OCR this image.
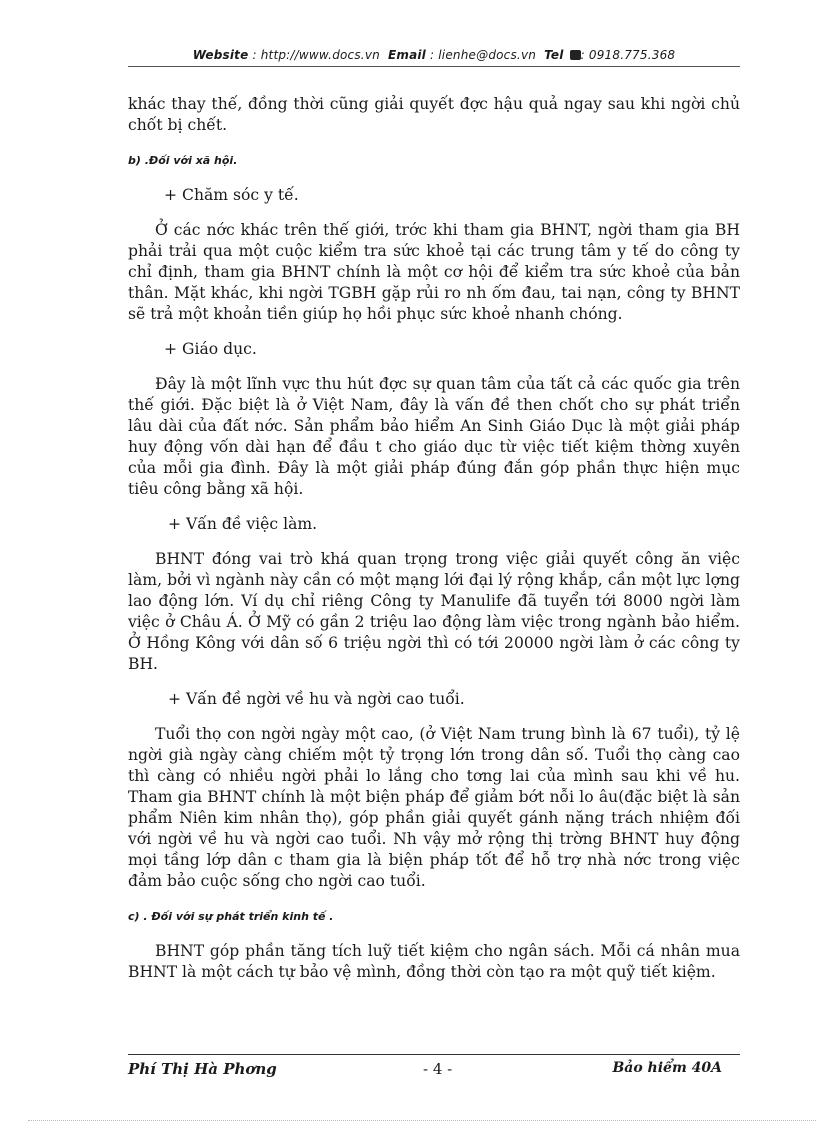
Website : http://www.docs.vn Email : lienhe@docs.vn Tel : 0918.775.368

khác thay thế, đồng thời cũng giải quyết đợc hậu quả ngay sau khi ngời chủ chốt bị chết.

b) .Đối với xã hội.

+ Chăm sóc y tế.

Ở các nớc khác trên thế giới, trớc khi tham gia BHNT, ngời tham gia BH phải trải qua một cuộc kiểm tra sức khoẻ tại các trung tâm y tế do công ty chỉ định, tham gia BHNT chính là một cơ hội để kiểm tra sức khoẻ của bản thân. Mặt khác, khi ngời TGBH gặp rủi ro nh ốm đau, tai nạn, công ty BHNT sẽ trả một khoản tiền giúp họ hồi phục sức khoẻ nhanh chóng.

+ Giáo dục.

Đây là một lĩnh vực thu hút đợc sự quan tâm của tất cả các quốc gia trên thế giới. Đặc biệt là ở Việt Nam, đây là vấn đề then chốt cho sự phát triển lâu dài của đất nớc. Sản phẩm bảo hiểm An Sinh Giáo Dục là một giải pháp huy động vốn dài hạn để đầu t cho giáo dục từ việc tiết kiệm thờng xuyên của mỗi gia đình. Đây là một giải pháp đúng đắn góp phần thực hiện mục tiêu công bằng xã hội.

+ Vấn đề việc làm.

BHNT đóng vai trò khá quan trọng trong việc giải quyết công ăn việc làm, bởi vì ngành này cần có một mạng lới đại lý rộng khắp, cần một lực lợng lao động lớn. Ví dụ chỉ riêng Công ty Manulife đã tuyển tới 8000 ngời làm việc ở Châu Á. Ở Mỹ có gần 2 triệu lao động làm việc trong ngành bảo hiểm. Ở Hồng Kông với dân số 6 triệu ngời thì có tới 20000 ngời làm ở các công ty BH.

+ Vấn đề ngời về hu và ngời cao tuổi.

Tuổi thọ con ngời ngày một cao, (ở Việt Nam trung bình là 67 tuổi), tỷ lệ ngời già ngày càng chiếm một tỷ trọng lớn trong dân số. Tuổi thọ càng cao thì càng có nhiều ngời phải lo lắng cho tơng lai của mình sau khi về hu. Tham gia BHNT chính là một biện pháp để giảm bớt nỗi lo âu(đặc biệt là sản phẩm Niên kim nhân thọ), góp phần giải quyết gánh nặng trách nhiệm đối với ngời về hu và ngời cao tuổi. Nh vậy mở rộng thị trờng BHNT huy động mọi tầng lớp dân c tham gia là biện pháp tốt để hỗ trợ nhà nớc trong việc đảm bảo cuộc sống cho ngời cao tuổi.

c) . Đối với sự phát triển kinh tế .

BHNT góp phần tăng tích luỹ tiết kiệm cho ngân sách. Mỗi cá nhân mua BHNT là một cách tự bảo vệ mình, đồng thời còn tạo ra một quỹ tiết kiệm.

Phí Thị Hà Phơng	- 4 -	Bảo hiểm 40A
